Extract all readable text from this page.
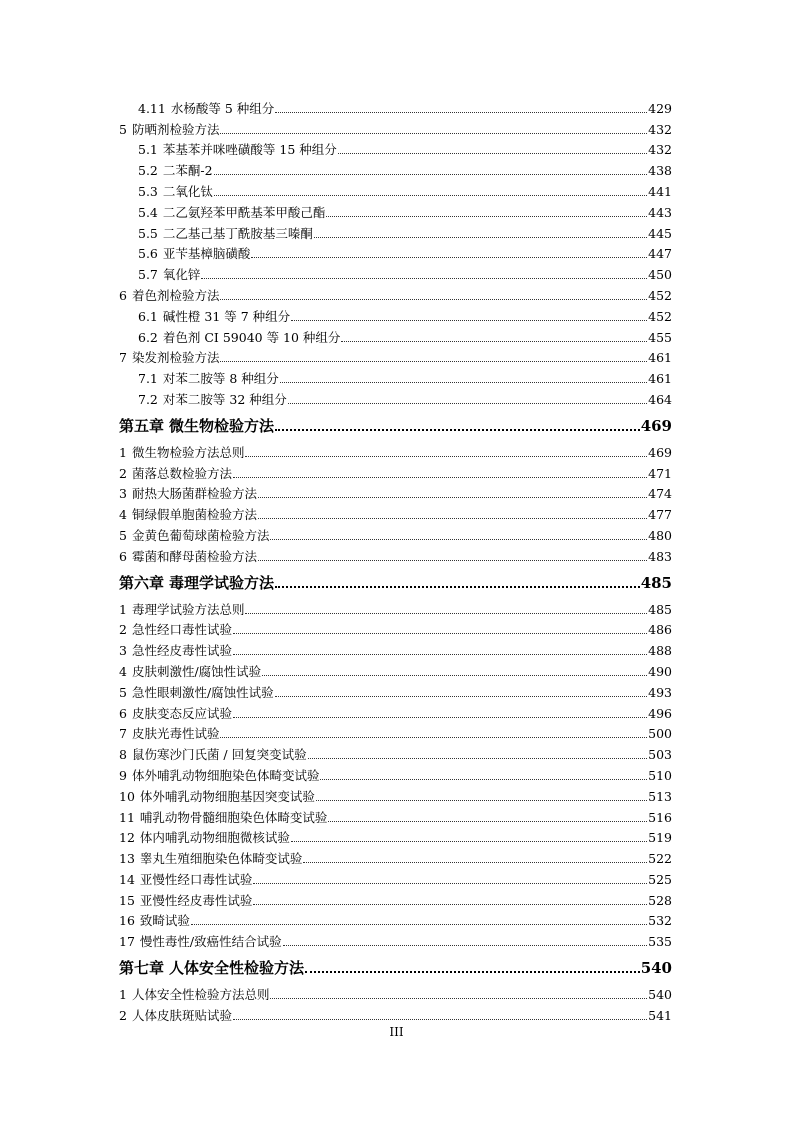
4.11 水杨酸等 5 种组分	429
5 防晒剂检验方法	432
5.1 苯基苯并咪唑磺酸等 15 种组分	432
5.2 二苯酮-2	438
5.3 二氧化钛	441
5.4 二乙氨羟苯甲酰基苯甲酸己酯	443
5.5 二乙基己基丁酰胺基三嗪酮	445
5.6 亚苄基樟脑磺酸	447
5.7 氧化锌	450
6 着色剂检验方法	452
6.1 碱性橙 31 等 7 种组分	452
6.2 着色剂 CI 59040 等 10 种组分	455
7 染发剂检验方法	461
7.1 对苯二胺等 8 种组分	461
7.2 对苯二胺等 32 种组分	464
第五章 微生物检验方法	469
1 微生物检验方法总则	469
2 菌落总数检验方法	471
3 耐热大肠菌群检验方法	474
4 铜绿假单胞菌检验方法	477
5 金黄色葡萄球菌检验方法	480
6 霉菌和酵母菌检验方法	483
第六章 毒理学试验方法	485
1 毒理学试验方法总则	485
2 急性经口毒性试验	486
3 急性经皮毒性试验	488
4 皮肤刺激性/腐蚀性试验	490
5 急性眼刺激性/腐蚀性试验	493
6 皮肤变态反应试验	496
7 皮肤光毒性试验	500
8 鼠伤寒沙门氏菌 / 回复突变试验	503
9 体外哺乳动物细胞染色体畸变试验	510
10 体外哺乳动物细胞基因突变试验	513
11 哺乳动物骨髓细胞染色体畸变试验	516
12 体内哺乳动物细胞微核试验	519
13 睾丸生殖细胞染色体畸变试验	522
14 亚慢性经口毒性试验	525
15 亚慢性经皮毒性试验	528
16 致畸试验	532
17 慢性毒性/致癌性结合试验	535
第七章 人体安全性检验方法	540
1 人体安全性检验方法总则	540
2 人体皮肤斑贴试验	541
III
